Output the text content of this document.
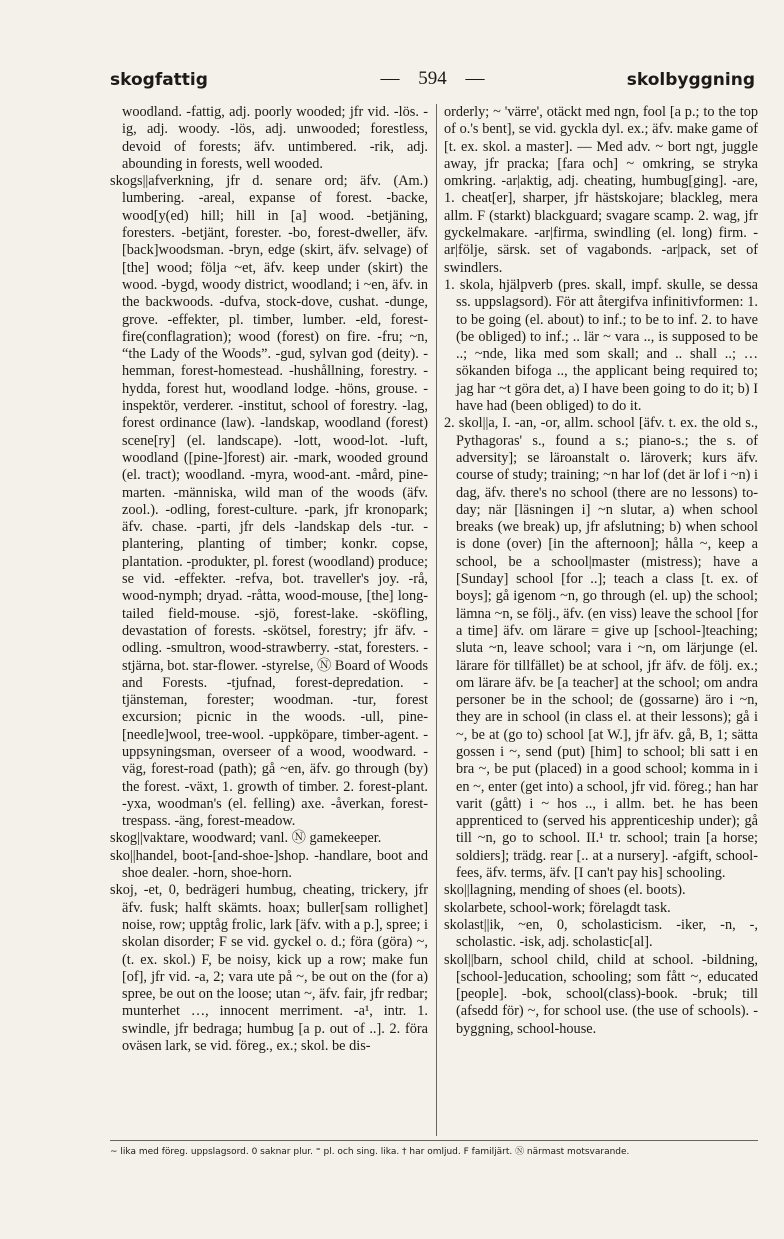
skogfattig	— 594 —	skolbyggning

woodland. -fattig, adj. poorly wooded; jfr vid. -lös. -ig, adj. woody. -lös, adj. unwooded; forestless, devoid of forests; äfv. untimbered. -rik, adj. abounding in forests, well wooded.

skogs||afverkning, jfr d. senare ord; äfv. (Am.) lumbering. -areal, expanse of forest. -backe, wood[y(ed) hill; hill in [a] wood. -betjäning, foresters. -betjänt, forester. -bo, forest-dweller, äfv. [back]woodsman. -bryn, edge (skirt, äfv. selvage) of [the] wood; följa ~et, äfv. keep under (skirt) the wood. -bygd, woody district, woodland; i ~en, äfv. in the backwoods. -dufva, stock-dove, cushat. -dunge, grove. -effekter, pl. timber, lumber. -eld, forest-fire(conflagration); wood (forest) on fire. -fru; ~n, “the Lady of the Woods”. -gud, sylvan god (deity). -hemman, forest-homestead. -hushållning, forestry. -hydda, forest hut, woodland lodge. -höns, grouse. -inspektör, verderer. -institut, school of forestry. -lag, forest ordinance (law). -landskap, woodland (forest) scene[ry] (el. landscape). -lott, wood-lot. -luft, woodland ([pine-]forest) air. -mark, wooded ground (el. tract); woodland. -myra, wood-ant. -mård, pine-marten. -människa, wild man of the woods (äfv. zool.). -odling, forest-culture. -park, jfr kronopark; äfv. chase. -parti, jfr dels -landskap dels -tur. -plantering, planting of timber; konkr. copse, plantation. -produkter, pl. forest (woodland) produce; se vid. -effekter. -refva, bot. traveller's joy. -rå, wood-nymph; dryad. -råtta, wood-mouse, [the] long-tailed field-mouse. -sjö, forest-lake. -sköfling, devastation of forests. -skötsel, forestry; jfr äfv. -odling. -smultron, wood-strawberry. -stat, foresters. -stjärna, bot. star-flower. -styrelse, Ⓝ Board of Woods and Forests. -tjufnad, forest-depredation. -tjänsteman, forester; woodman. -tur, forest excursion; picnic in the woods. -ull, pine-[needle]wool, tree-wool. -uppköpare, timber-agent. -uppsyningsman, overseer of a wood, woodward. -väg, forest-road (path); gå ~en, äfv. go through (by) the forest. -växt, 1. growth of timber. 2. forest-plant. -yxa, woodman's (el. felling) axe. -åverkan, forest-trespass. -äng, forest-meadow.

skog||vaktare, woodward; vanl. Ⓝ gamekeeper.

sko||handel, boot-[and-shoe-]shop. -handlare, boot and shoe dealer. -horn, shoe-horn.

skoj, -et, 0, bedrägeri humbug, cheating, trickery, jfr äfv. fusk; halft skämts. hoax; buller[sam rollighet] noise, row; upptåg frolic, lark [äfv. with a p.], spree; i skolan disorder; F se vid. gyckel o. d.; föra (göra) ~, (t. ex. skol.) F, be noisy, kick up a row; make fun [of], jfr vid. -a, 2; vara ute på ~, be out on the (for a) spree, be out on the loose; utan ~, äfv. fair, jfr redbar; munterhet …, innocent merriment. -a¹, intr. 1. swindle, jfr bedraga; humbug [a p. out of ..]. 2. föra oväsen lark, se vid. föreg., ex.; skol. be dis-

orderly; ~ 'värre', otäckt med ngn, fool [a p.; to the top of o.'s bent], se vid. gyckla dyl. ex.; äfv. make game of [t. ex. skol. a master]. — Med adv. ~ bort ngt, juggle away, jfr pracka; [fara och] ~ omkring, se stryka omkring. -ar|aktig, adj. cheating, humbug[ging]. -are, 1. cheat[er], sharper, jfr hästskojare; blackleg, mera allm. F (starkt) blackguard; svagare scamp. 2. wag, jfr gyckelmakare. -ar|firma, swindling (el. long) firm. -ar|följe, särsk. set of vagabonds. -ar|pack, set of swindlers.

1. skola, hjälpverb (pres. skall, impf. skulle, se dessa ss. uppslagsord). För att återgifva infinitivformen: 1. to be going (el. about) to inf.; to be to inf. 2. to have (be obliged) to inf.; .. lär ~ vara .., is supposed to be ..; ~nde, lika med som skall; and .. shall ..; … sökanden bifoga .., the applicant being required to; jag har ~t göra det, a) I have been going to do it; b) I have had (been obliged) to do it.

2. skol||a, I. -an, -or, allm. school [äfv. t. ex. the old s., Pythagoras' s., found a s.; piano-s.; the s. of adversity]; se läroanstalt o. läroverk; kurs äfv. course of study; training; ~n har lof (det är lof i ~n) i dag, äfv. there's no school (there are no lessons) to-day; när [läsningen i] ~n slutar, a) when school breaks (we break) up, jfr afslutning; b) when school is done (over) [in the afternoon]; hålla ~, keep a school, be a school|master (mistress); have a [Sunday] school [for ..]; teach a class [t. ex. of boys]; gå igenom ~n, go through (el. up) the school; lämna ~n, se följ., äfv. (en viss) leave the school [for a time] äfv. om lärare = give up [school-]teaching; sluta ~n, leave school; vara i ~n, om lärjunge (el. lärare för tillfället) be at school, jfr äfv. de följ. ex.; om lärare äfv. be [a teacher] at the school; om andra personer be in the school; de (gossarne) äro i ~n, they are in school (in class el. at their lessons); gå i ~, be at (go to) school [at W.], jfr äfv. gå, B, 1; sätta gossen i ~, send (put) [him] to school; bli satt i en bra ~, be put (placed) in a good school; komma in i en ~, enter (get into) a school, jfr vid. föreg.; han har varit (gått) i ~ hos .., i allm. bet. he has been apprenticed to (served his apprenticeship under); gå till ~n, go to school. II.¹ tr. school; train [a horse; soldiers]; trädg. rear [.. at a nursery]. -afgift, school-fees, äfv. terms, äfv. [I can't pay his] schooling.

sko||lagning, mending of shoes (el. boots).

skolarbete, school-work; förelagdt task.

skolast||ik, ~en, 0, scholasticism. -iker, -n, -, scholastic. -isk, adj. scholastic[al].

skol||barn, school child, child at school. -bildning, [school-]education, schooling; som fått ~, educated [people]. -bok, school(class)-book. -bruk; till (afsedd för) ~, for school use. (the use of schools). -byggning, school-house.

~ lika med föreg. uppslagsord. 0 saknar plur. ⁼ pl. och sing. lika. † har omljud. F familjärt. Ⓝ närmast motsvarande.
